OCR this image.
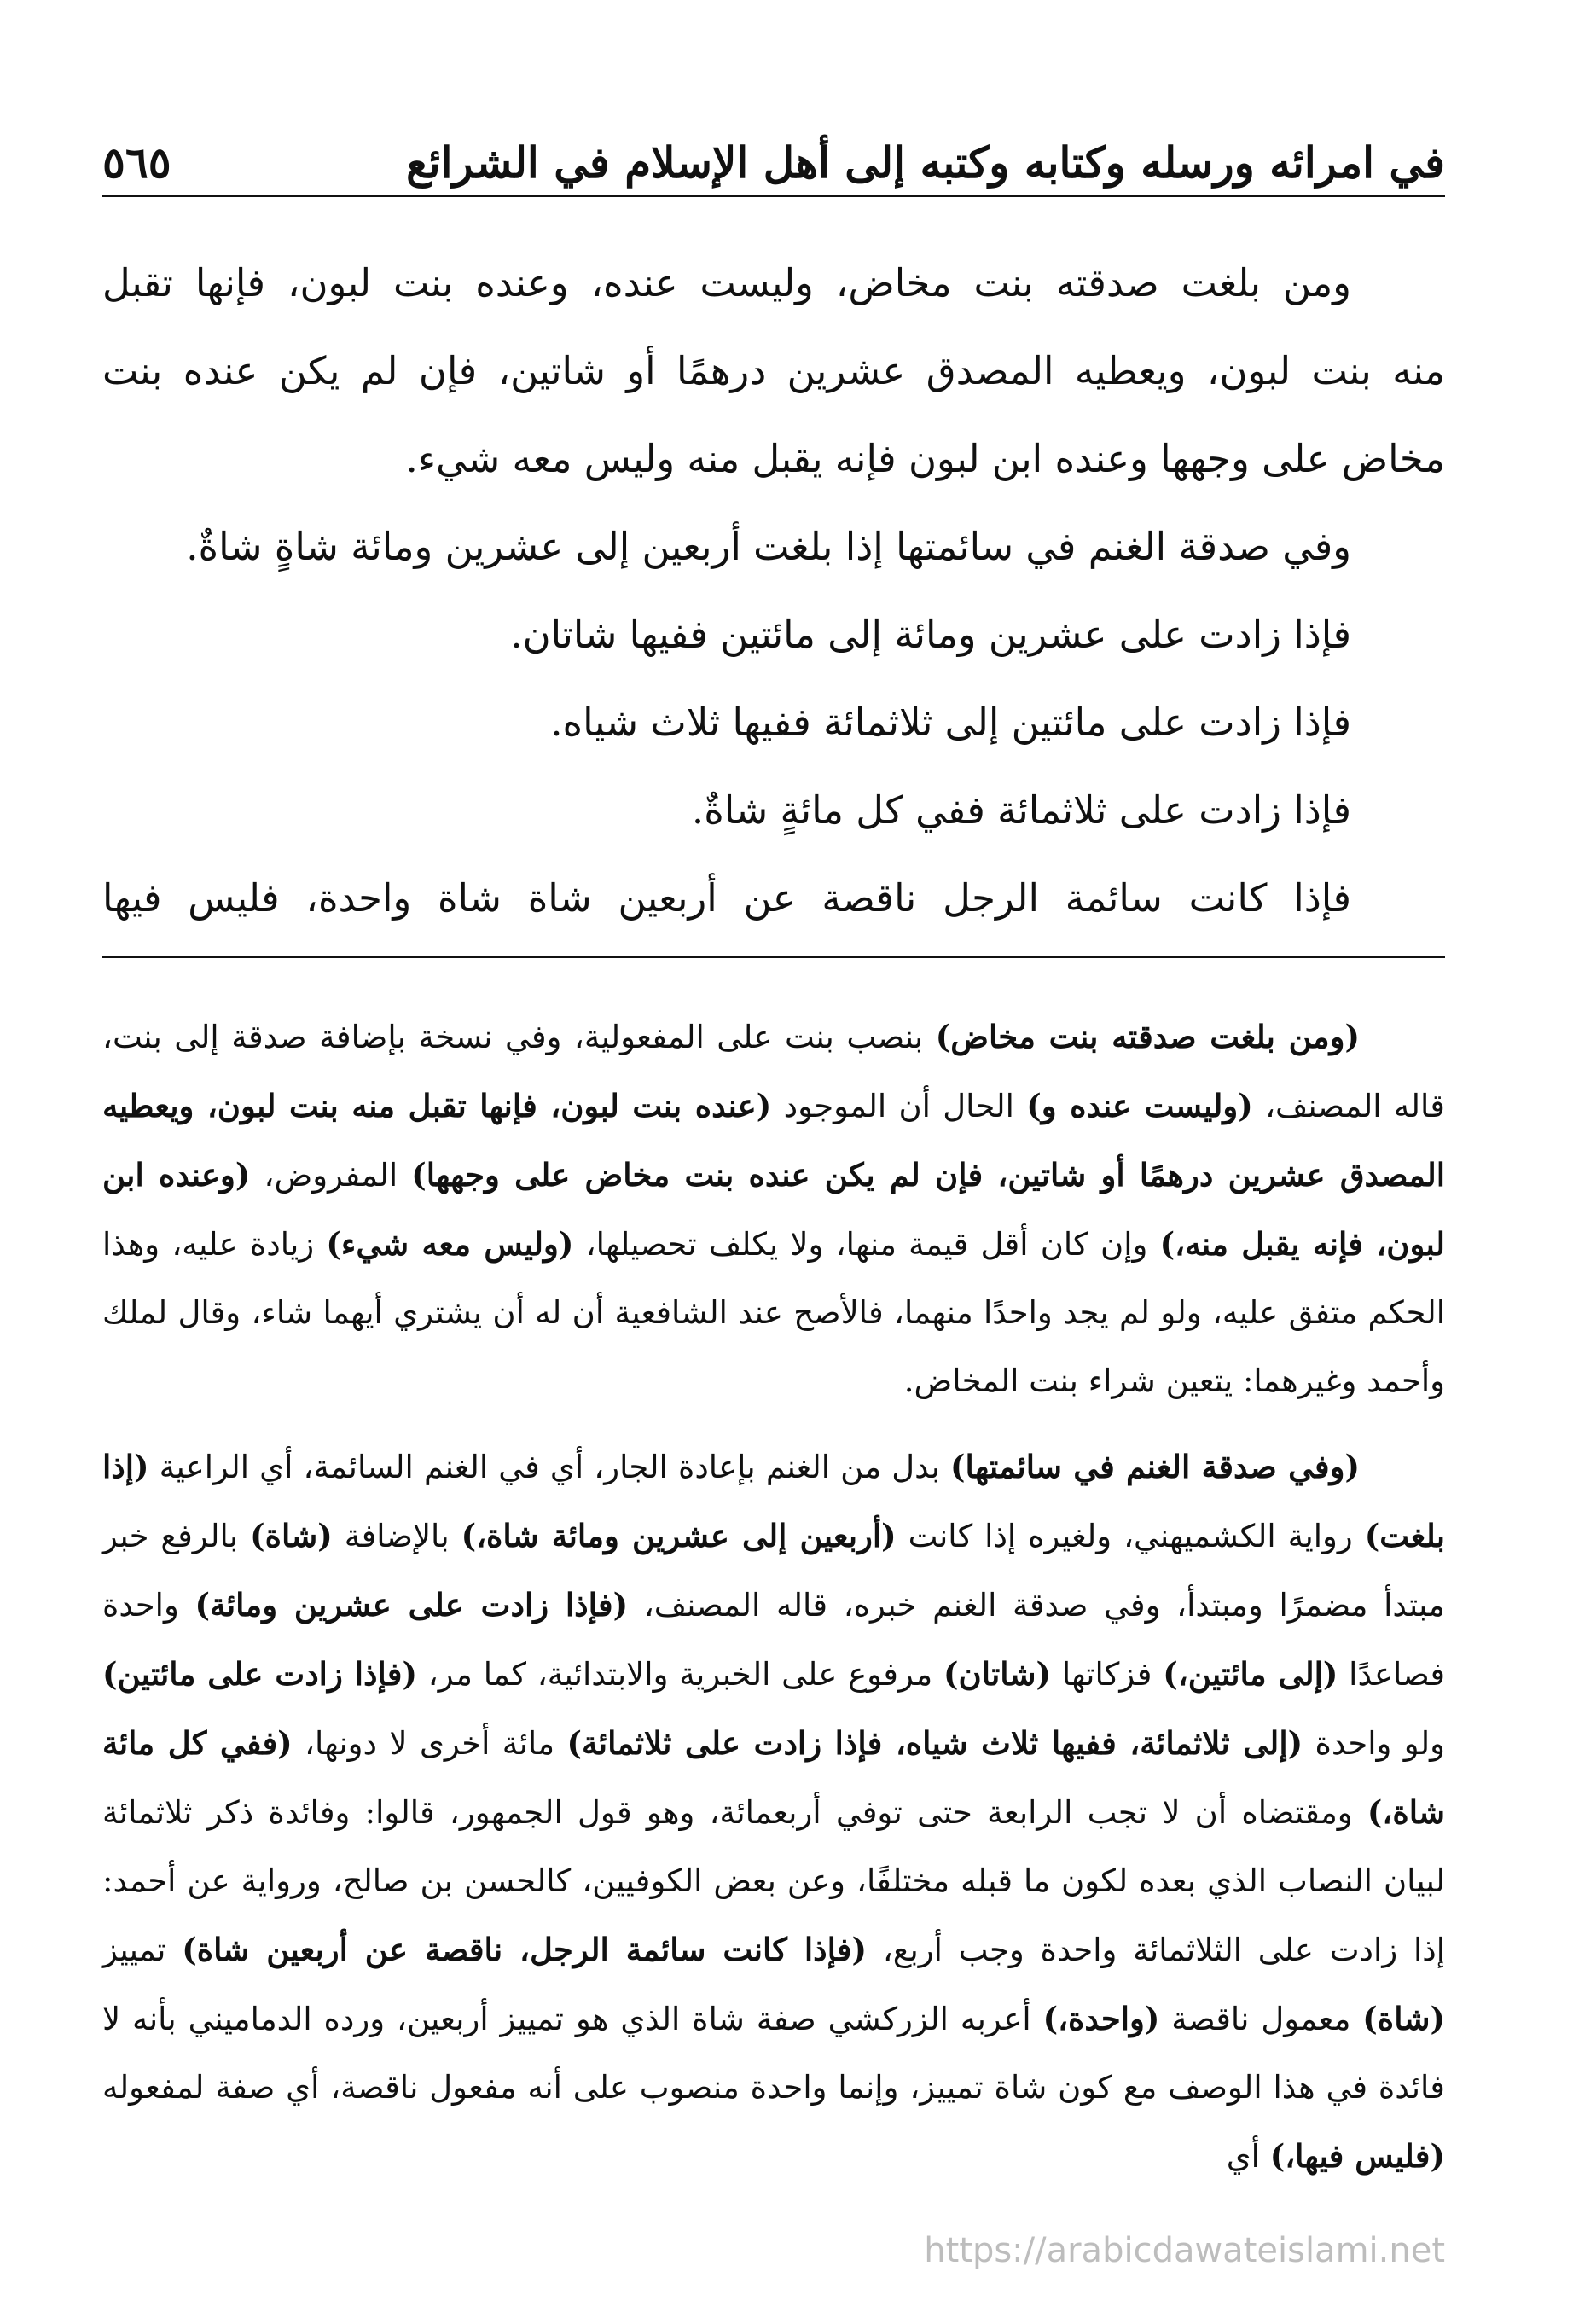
في امرائه ورسله وكتابه وكتبه إلى أهل الإسلام في الشرائع
٥٦٥
ومن بلغت صدقته بنت مخاض، وليست عنده، وعنده بنت لبون، فإنها تقبل
منه بنت لبون، ويعطيه المصدق عشرين درهمًا أو شاتين، فإن لم يكن عنده بنت
مخاض على وجهها وعنده ابن لبون فإنه يقبل منه وليس معه شيء.
وفي صدقة الغنم في سائمتها إذا بلغت أربعين إلى عشرين ومائة شاةٍ شاةٌ.
فإذا زادت على عشرين ومائة إلى مائتين ففيها شاتان.
فإذا زادت على مائتين إلى ثلاثمائة ففيها ثلاث شياه.
فإذا زادت على ثلاثمائة ففي كل مائةٍ شاةٌ.
فإذا كانت سائمة الرجل ناقصة عن أربعين شاة شاة واحدة، فليس فيها

(ومن بلغت صدقته بنت مخاض) بنصب بنت على المفعولية، وفي نسخة بإضافة صدقة إلى بنت، قاله المصنف، (وليست عنده و) الحال أن الموجود (عنده بنت لبون، فإنها تقبل منه بنت لبون، ويعطيه المصدق عشرين درهمًا أو شاتين، فإن لم يكن عنده بنت مخاض على وجهها) المفروض، (وعنده ابن لبون، فإنه يقبل منه،) وإن كان أقل قيمة منها، ولا يكلف تحصيلها، (وليس معه شيء) زيادة عليه، وهذا الحكم متفق عليه، ولو لم يجد واحدًا منهما، فالأصح عند الشافعية أن له أن يشتري أيهما شاء، وقال لملك وأحمد وغيرهما: يتعين شراء بنت المخاض.

(وفي صدقة الغنم في سائمتها) بدل من الغنم بإعادة الجار، أي في الغنم السائمة، أي الراعية (إذا بلغت) رواية الكشميهني، ولغيره إذا كانت (أربعين إلى عشرين ومائة شاة،) بالإضافة (شاة) بالرفع خبر مبتدأ مضمرًا ومبتدأ، وفي صدقة الغنم خبره، قاله المصنف، (فإذا زادت على عشرين ومائة) واحدة فصاعدًا (إلى مائتين،) فزكاتها (شاتان) مرفوع على الخبرية والابتدائية، كما مر، (فإذا زادت على مائتين) ولو واحدة (إلى ثلاثمائة، ففيها ثلاث شياه، فإذا زادت على ثلاثمائة) مائة أخرى لا دونها، (ففي كل مائة شاة،) ومقتضاه أن لا تجب الرابعة حتى توفي أربعمائة، وهو قول الجمهور، قالوا: وفائدة ذكر ثلاثمائة لبيان النصاب الذي بعده لكون ما قبله مختلفًا، وعن بعض الكوفيين، كالحسن بن صالح، ورواية عن أحمد: إذا زادت على الثلاثمائة واحدة وجب أربع، (فإذا كانت سائمة الرجل، ناقصة عن أربعين شاة) تمييز (شاة) معمول ناقصة (واحدة،) أعربه الزركشي صفة شاة الذي هو تمييز أربعين، ورده الدماميني بأنه لا فائدة في هذا الوصف مع كون شاة تمييز، وإنما واحدة منصوب على أنه مفعول ناقصة، أي صفة لمفعوله (فليس فيها،) أي

https://arabicdawateislami.net
